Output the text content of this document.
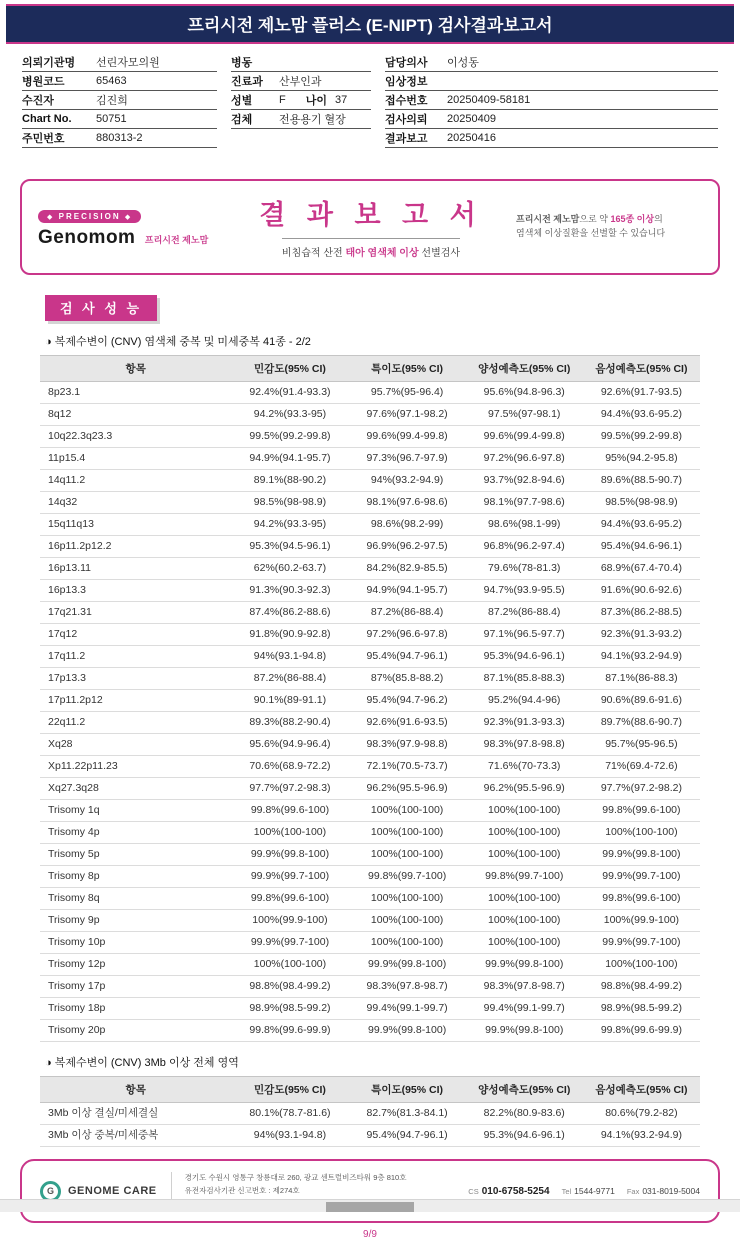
프리시전 제노맘 플러스 (E-NIPT) 검사결과보고서
의뢰기관명	선린자모의원
병원코드	65463
수진자	김진희
Chart No.	50751
주민번호	880313-2
병동
진료과	산부인과
성별	F 나이 37
검체	전용용기 혈장
담당의사	이성동
임상정보
접수번호	20250409-58181
검사의뢰	20250409
결과보고	20250416
◆ PRECISION ◆
Genomom 프리시전 제노맘
결 과 보 고 서
비침습적 산전 태아 염색체 이상 선별검사
프리시전 제노맘으로 약 165종 이상의
염색체 이상질환을 선별할 수 있습니다
검 사 성 능
◑ 복제수변이 (CNV) 염색체 중복 및 미세중복 41종 - 2/2
항목	민감도(95% CI)	특이도(95% CI)	양성예측도(95% CI)	음성예측도(95% CI)
8p23.1	92.4%(91.4-93.3)	95.7%(95-96.4)	95.6%(94.8-96.3)	92.6%(91.7-93.5)
8q12	94.2%(93.3-95)	97.6%(97.1-98.2)	97.5%(97-98.1)	94.4%(93.6-95.2)
10q22.3q23.3	99.5%(99.2-99.8)	99.6%(99.4-99.8)	99.6%(99.4-99.8)	99.5%(99.2-99.8)
11p15.4	94.9%(94.1-95.7)	97.3%(96.7-97.9)	97.2%(96.6-97.8)	95%(94.2-95.8)
14q11.2	89.1%(88-90.2)	94%(93.2-94.9)	93.7%(92.8-94.6)	89.6%(88.5-90.7)
14q32	98.5%(98-98.9)	98.1%(97.6-98.6)	98.1%(97.7-98.6)	98.5%(98-98.9)
15q11q13	94.2%(93.3-95)	98.6%(98.2-99)	98.6%(98.1-99)	94.4%(93.6-95.2)
16p11.2p12.2	95.3%(94.5-96.1)	96.9%(96.2-97.5)	96.8%(96.2-97.4)	95.4%(94.6-96.1)
16p13.11	62%(60.2-63.7)	84.2%(82.9-85.5)	79.6%(78-81.3)	68.9%(67.4-70.4)
16p13.3	91.3%(90.3-92.3)	94.9%(94.1-95.7)	94.7%(93.9-95.5)	91.6%(90.6-92.6)
17q21.31	87.4%(86.2-88.6)	87.2%(86-88.4)	87.2%(86-88.4)	87.3%(86.2-88.5)
17q12	91.8%(90.9-92.8)	97.2%(96.6-97.8)	97.1%(96.5-97.7)	92.3%(91.3-93.2)
17q11.2	94%(93.1-94.8)	95.4%(94.7-96.1)	95.3%(94.6-96.1)	94.1%(93.2-94.9)
17p13.3	87.2%(86-88.4)	87%(85.8-88.2)	87.1%(85.8-88.3)	87.1%(86-88.3)
17p11.2p12	90.1%(89-91.1)	95.4%(94.7-96.2)	95.2%(94.4-96)	90.6%(89.6-91.6)
22q11.2	89.3%(88.2-90.4)	92.6%(91.6-93.5)	92.3%(91.3-93.3)	89.7%(88.6-90.7)
Xq28	95.6%(94.9-96.4)	98.3%(97.9-98.8)	98.3%(97.8-98.8)	95.7%(95-96.5)
Xp11.22p11.23	70.6%(68.9-72.2)	72.1%(70.5-73.7)	71.6%(70-73.3)	71%(69.4-72.6)
Xq27.3q28	97.7%(97.2-98.3)	96.2%(95.5-96.9)	96.2%(95.5-96.9)	97.7%(97.2-98.2)
Trisomy 1q	99.8%(99.6-100)	100%(100-100)	100%(100-100)	99.8%(99.6-100)
Trisomy 4p	100%(100-100)	100%(100-100)	100%(100-100)	100%(100-100)
Trisomy 5p	99.9%(99.8-100)	100%(100-100)	100%(100-100)	99.9%(99.8-100)
Trisomy 8p	99.9%(99.7-100)	99.8%(99.7-100)	99.8%(99.7-100)	99.9%(99.7-100)
Trisomy 8q	99.8%(99.6-100)	100%(100-100)	100%(100-100)	99.8%(99.6-100)
Trisomy 9p	100%(99.9-100)	100%(100-100)	100%(100-100)	100%(99.9-100)
Trisomy 10p	99.9%(99.7-100)	100%(100-100)	100%(100-100)	99.9%(99.7-100)
Trisomy 12p	100%(100-100)	99.9%(99.8-100)	99.9%(99.8-100)	100%(100-100)
Trisomy 17p	98.8%(98.4-99.2)	98.3%(97.8-98.7)	98.3%(97.8-98.7)	98.8%(98.4-99.2)
Trisomy 18p	98.9%(98.5-99.2)	99.4%(99.1-99.7)	99.4%(99.1-99.7)	98.9%(98.5-99.2)
Trisomy 20p	99.8%(99.6-99.9)	99.9%(99.8-100)	99.9%(99.8-100)	99.8%(99.6-99.9)
◑ 복제수변이 (CNV) 3Mb 이상 전체 영역
항목	민감도(95% CI)	특이도(95% CI)	양성예측도(95% CI)	음성예측도(95% CI)
3Mb 이상 결실/미세결실	80.1%(78.7-81.6)	82.7%(81.3-84.1)	82.2%(80.9-83.6)	80.6%(79.2-82)
3Mb 이상 중복/미세중복	94%(93.1-94.8)	95.4%(94.7-96.1)	95.3%(94.6-96.1)	94.1%(93.2-94.9)
G	GENOME CARE
경기도 수원시 영통구 창룡대로 260, 광교 센트럴비즈타워 9층 810호
유전자검사기관 신고번호 : 제274호	CS 010-6758-5254 Tel 1544-9771 Fax 031-8019-5004
9/9
